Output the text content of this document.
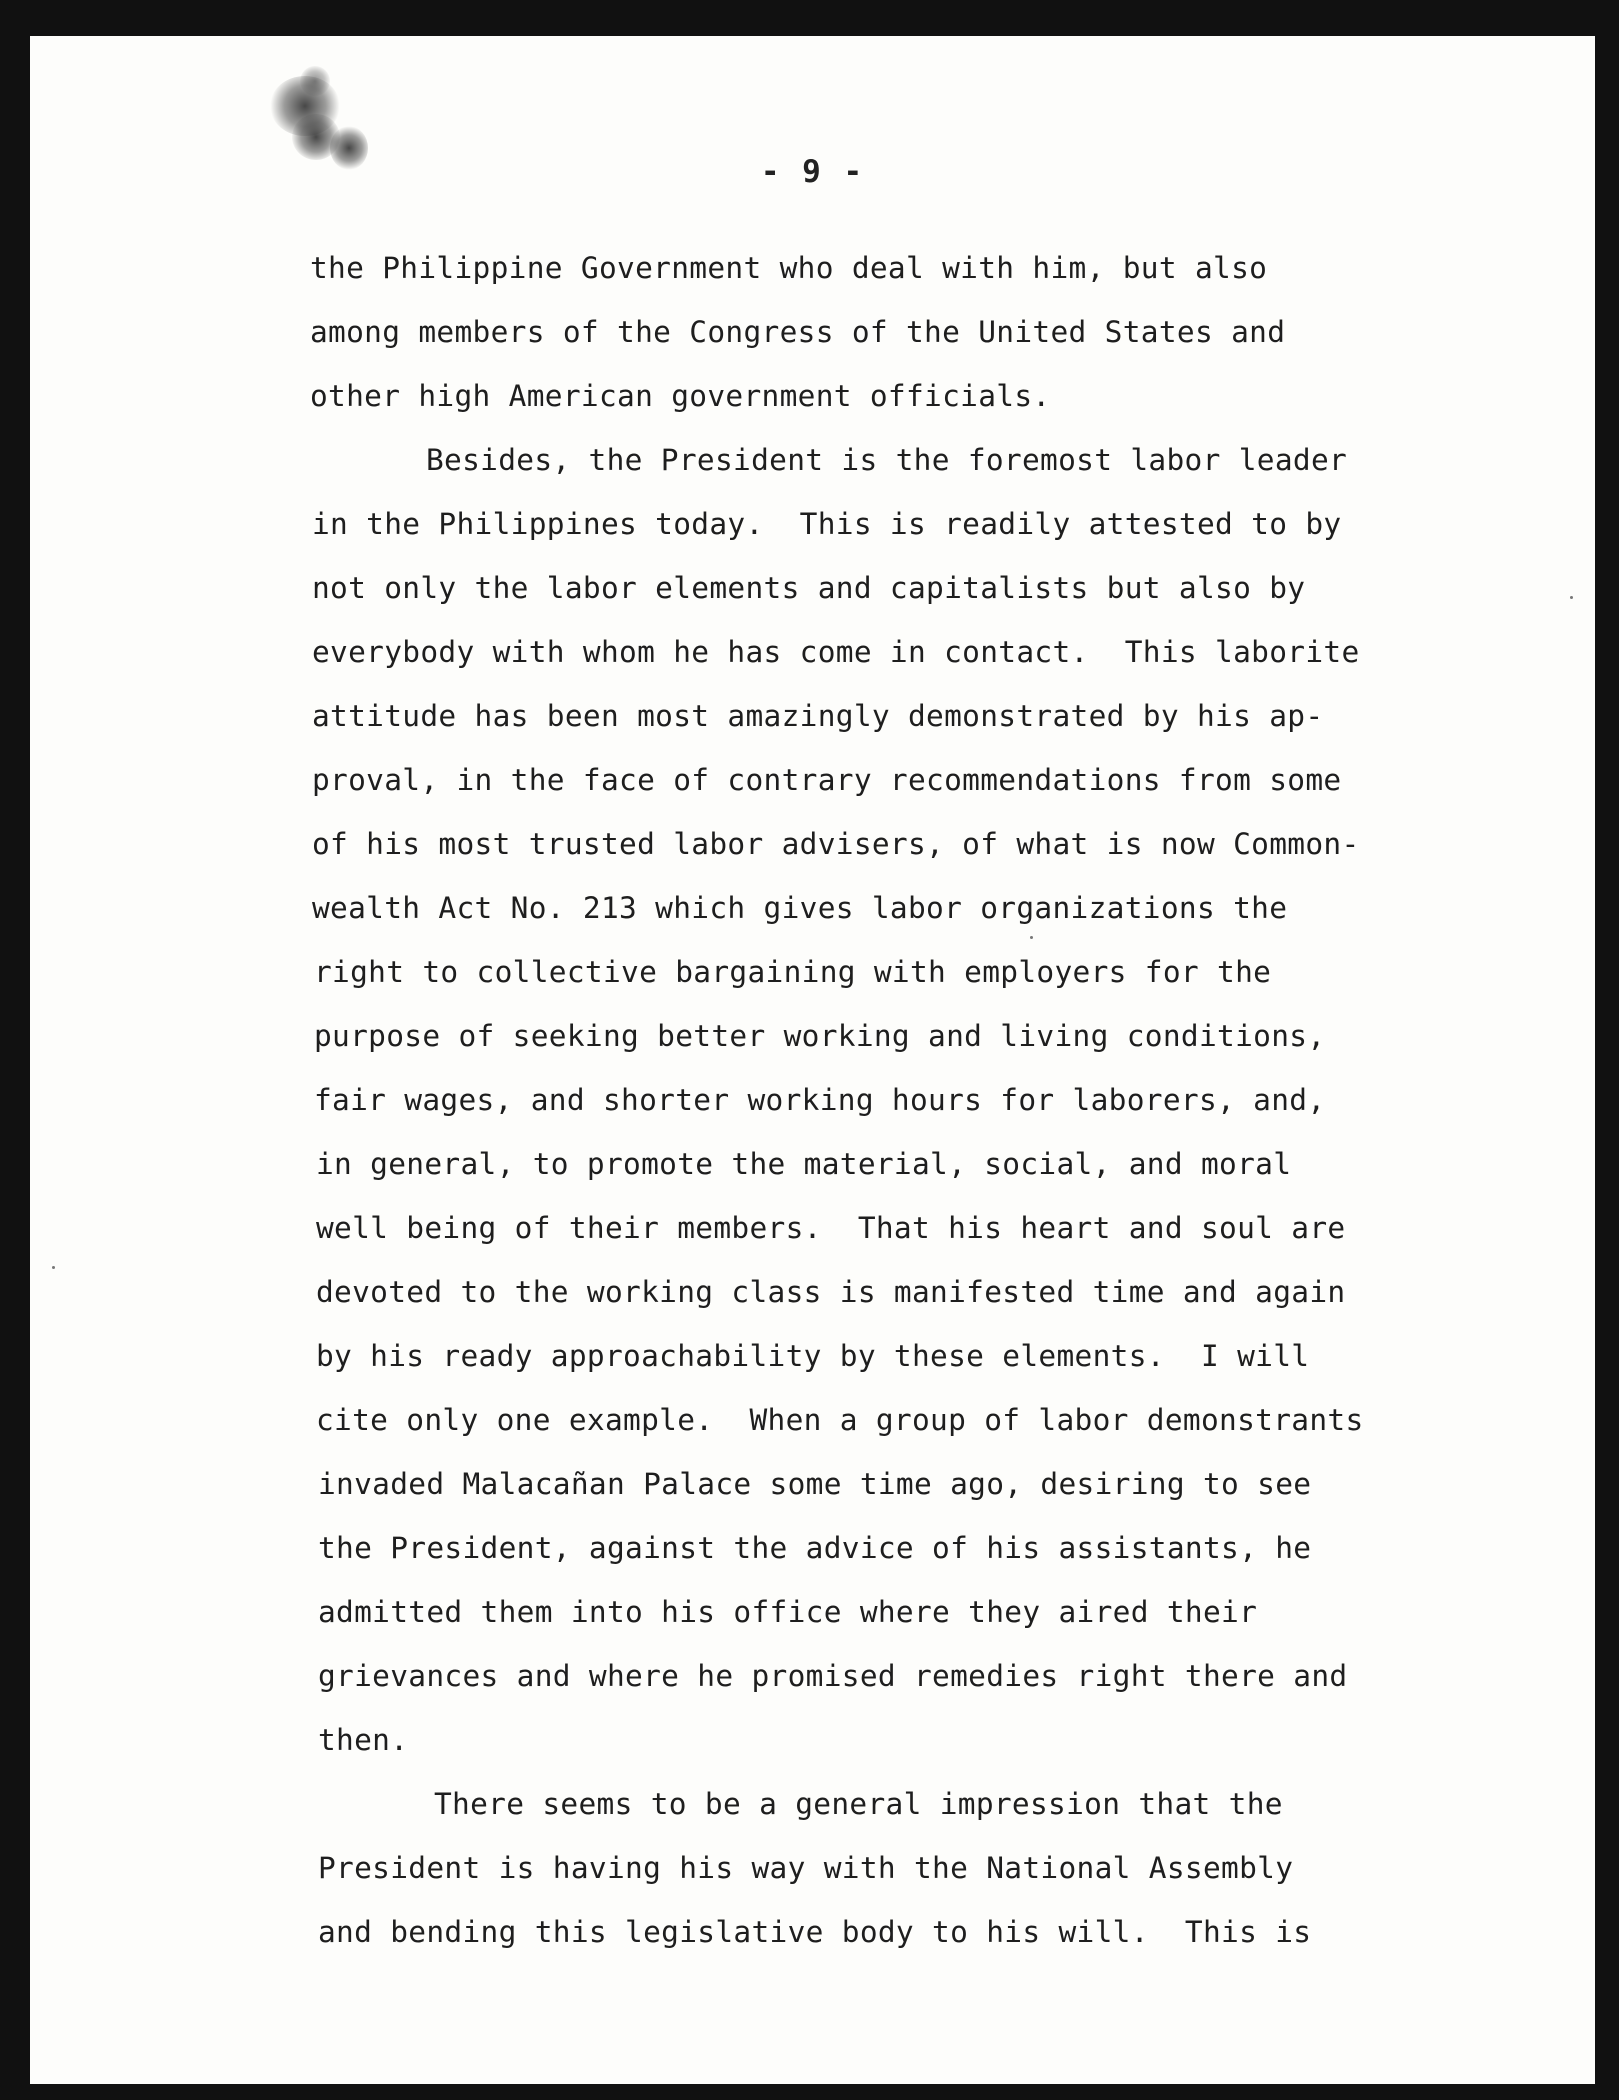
- 9 -
the Philippine Government who deal with him, but also
among members of the Congress of the United States and
other high American government officials.
Besides, the President is the foremost labor leader
in the Philippines today.  This is readily attested to by
not only the labor elements and capitalists but also by
everybody with whom he has come in contact.  This laborite
attitude has been most amazingly demonstrated by his ap-
proval, in the face of contrary recommendations from some
of his most trusted labor advisers, of what is now Common-
wealth Act No. 213 which gives labor organizations the
right to collective bargaining with employers for the
purpose of seeking better working and living conditions,
fair wages, and shorter working hours for laborers, and,
in general, to promote the material, social, and moral
well being of their members.  That his heart and soul are
devoted to the working class is manifested time and again
by his ready approachability by these elements.  I will
cite only one example.  When a group of labor demonstrants
invaded Malacañan Palace some time ago, desiring to see
the President, against the advice of his assistants, he
admitted them into his office where they aired their
grievances and where he promised remedies right there and
then.
There seems to be a general impression that the
President is having his way with the National Assembly
and bending this legislative body to his will.  This is
